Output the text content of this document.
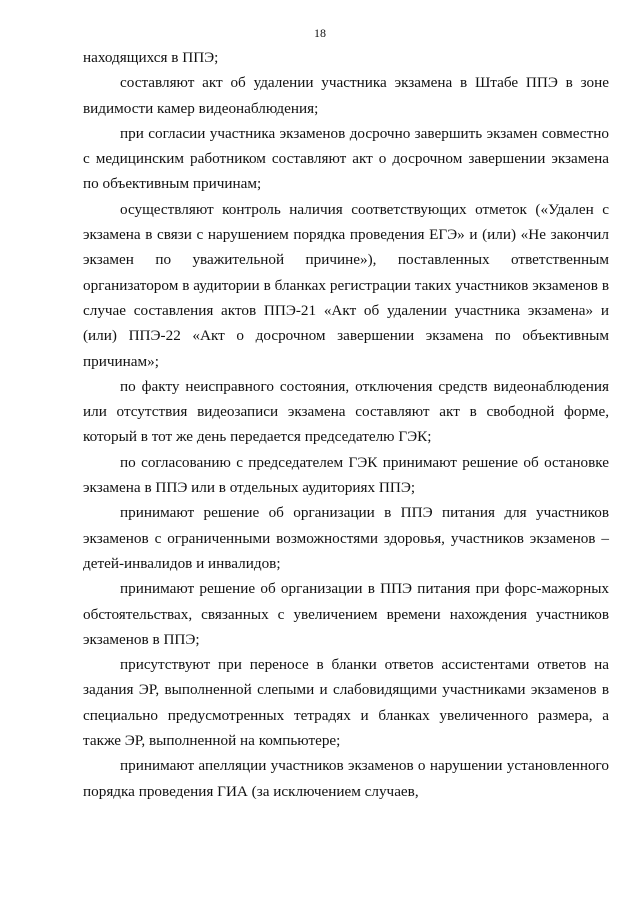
18

находящихся в ППЭ;

составляют акт об удалении участника экзамена в Штабе ППЭ в зоне видимости камер видеонаблюдения;

при согласии участника экзаменов досрочно завершить экзамен совместно с медицинским работником составляют акт о досрочном завершении экзамена по объективным причинам;

осуществляют контроль наличия соответствующих отметок («Удален с экзамена в связи с нарушением порядка проведения ЕГЭ» и (или) «Не закончил экзамен по уважительной причине»), поставленных ответственным организатором в аудитории в бланках регистрации таких участников экзаменов в случае составления актов ППЭ-21 «Акт об удалении участника экзамена» и (или) ППЭ-22 «Акт о досрочном завершении экзамена по объективным причинам»;

по факту неисправного состояния, отключения средств видеонаблюдения или отсутствия видеозаписи экзамена составляют акт в свободной форме, который в тот же день передается председателю ГЭК;

по согласованию с председателем ГЭК принимают решение об остановке экзамена в ППЭ или в отдельных аудиториях ППЭ;

принимают решение об организации в ППЭ питания для участников экзаменов с ограниченными возможностями здоровья, участников экзаменов – детей-инвалидов и инвалидов;

принимают решение об организации в ППЭ питания при форс-мажорных обстоятельствах, связанных с увеличением времени нахождения участников экзаменов в ППЭ;

присутствуют при переносе в бланки ответов ассистентами ответов на задания ЭР, выполненной слепыми и слабовидящими участниками экзаменов в специально предусмотренных тетрадях и бланках увеличенного размера, а также ЭР, выполненной на компьютере;

принимают апелляции участников экзаменов о нарушении установленного порядка проведения ГИА (за исключением случаев,
